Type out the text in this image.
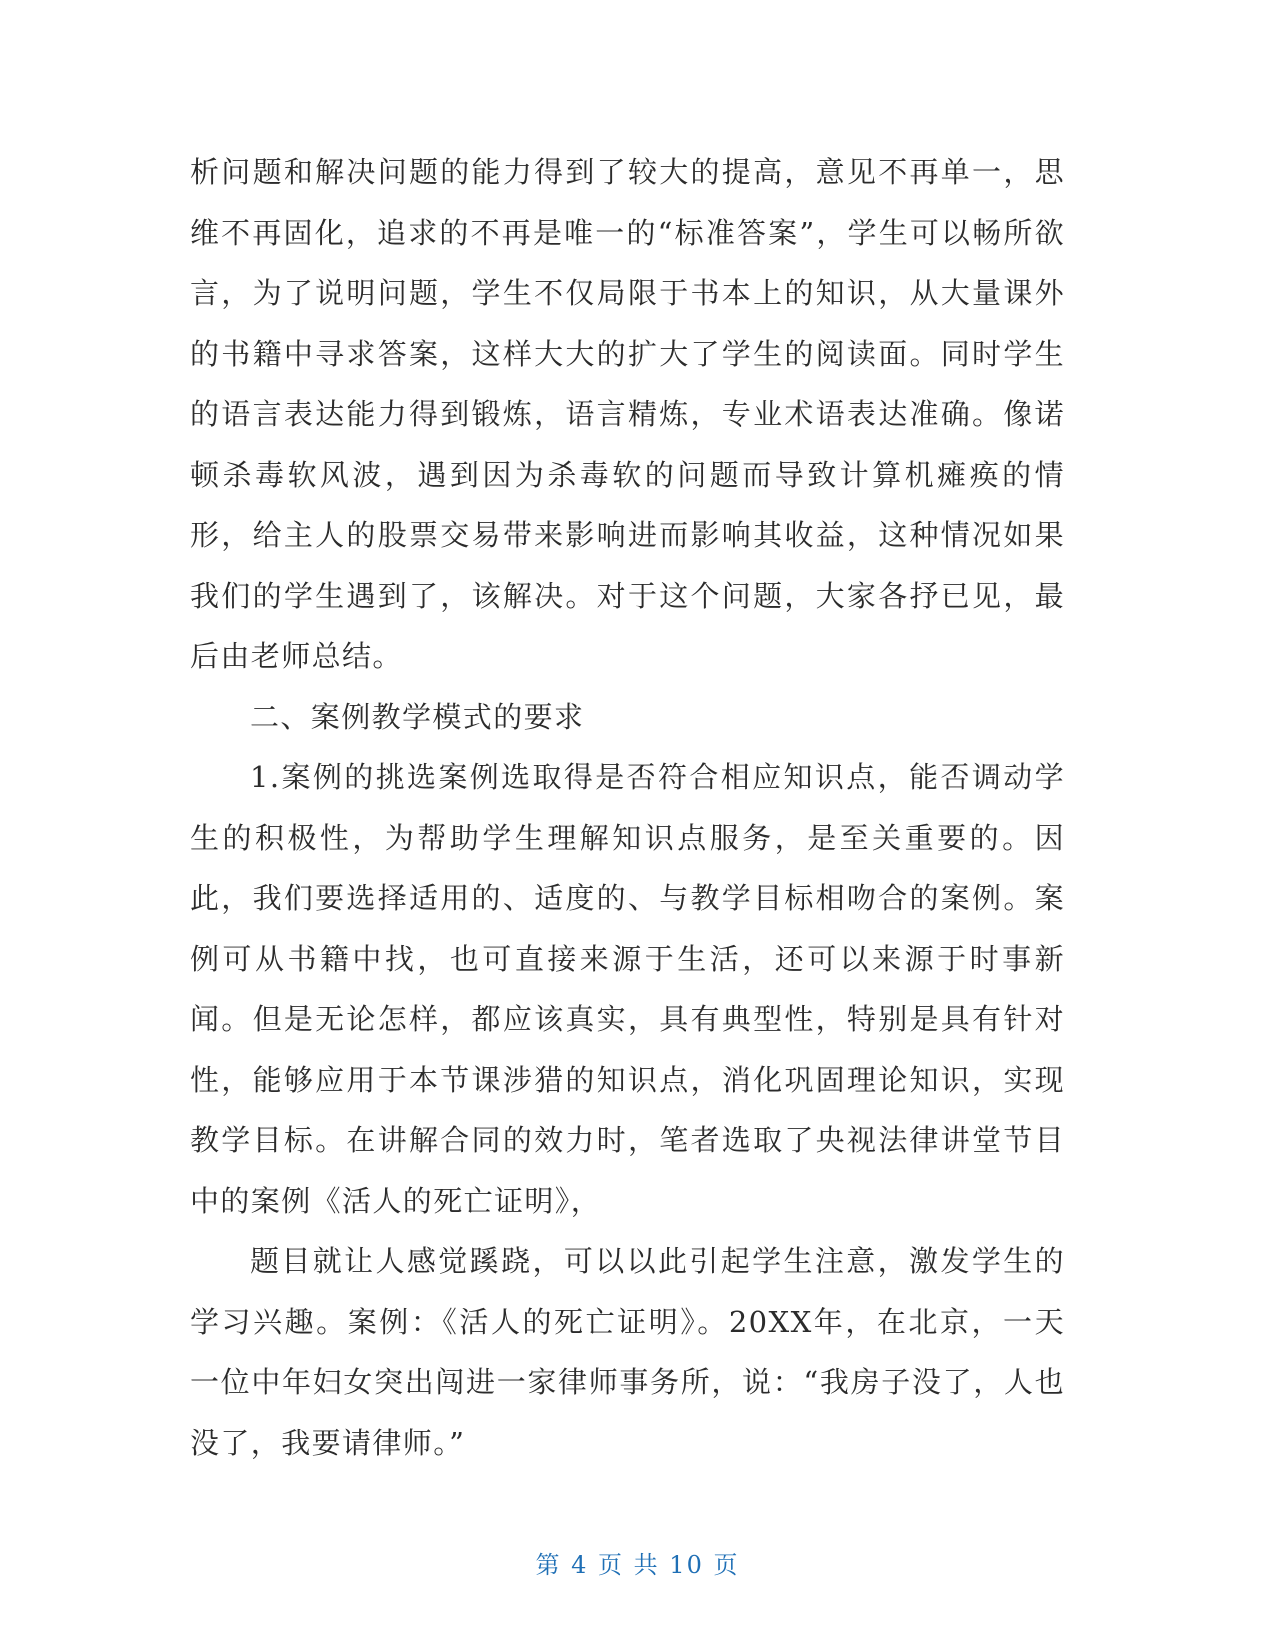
析问题和解决问题的能力得到了较大的提高，意见不再单一，思维不再固化，追求的不再是唯一的“标准答案”，学生可以畅所欲言，为了说明问题，学生不仅局限于书本上的知识，从大量课外的书籍中寻求答案，这样大大的扩大了学生的阅读面。同时学生的语言表达能力得到锻炼，语言精炼，专业术语表达准确。像诺顿杀毒软风波，遇到因为杀毒软的问题而导致计算机瘫痪的情形，给主人的股票交易带来影响进而影响其收益，这种情况如果我们的学生遇到了，该解决。对于这个问题，大家各抒已见，最后由老师总结。

二、案例教学模式的要求

1.案例的挑选案例选取得是否符合相应知识点，能否调动学生的积极性，为帮助学生理解知识点服务，是至关重要的。因此，我们要选择适用的、适度的、与教学目标相吻合的案例。案例可从书籍中找，也可直接来源于生活，还可以来源于时事新闻。但是无论怎样，都应该真实，具有典型性，特别是具有针对性，能够应用于本节课涉猎的知识点，消化巩固理论知识，实现教学目标。在讲解合同的效力时，笔者选取了央视法律讲堂节目中的案例《活人的死亡证明》，

题目就让人感觉蹊跷，可以以此引起学生注意，激发学生的学习兴趣。案例：《活人的死亡证明》。20XX年，在北京，一天一位中年妇女突出闯进一家律师事务所，说：“我房子没了，人也没了，我要请律师。”

第 4 页 共 10 页
